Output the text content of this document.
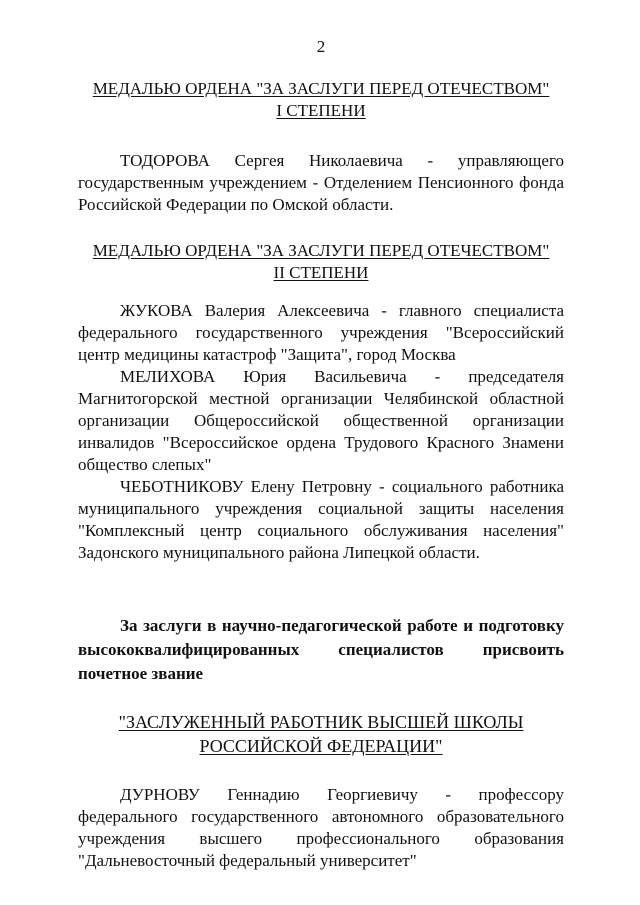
2

МЕДАЛЬЮ ОРДЕНА "ЗА ЗАСЛУГИ ПЕРЕД ОТЕЧЕСТВОМ"
I СТЕПЕНИ

ТОДОРОВА Сергея Николаевича - управляющего государственным учреждением - Отделением Пенсионного фонда Российской Федерации по Омской области.

МЕДАЛЬЮ ОРДЕНА "ЗА ЗАСЛУГИ ПЕРЕД ОТЕЧЕСТВОМ"
II СТЕПЕНИ

ЖУКОВА Валерия Алексеевича - главного специалиста федерального государственного учреждения "Всероссийский центр медицины катастроф "Защита", город Москва

МЕЛИХОВА Юрия Васильевича - председателя Магнитогорской местной организации Челябинской областной организации Общероссийской общественной организации инвалидов "Всероссийское ордена Трудового Красного Знамени общество слепых"

ЧЕБОТНИКОВУ Елену Петровну - социального работника муниципального учреждения социальной защиты населения "Комплексный центр социального обслуживания населения" Задонского муниципального района Липецкой области.

За заслуги в научно-педагогической работе и подготовку высококвалифицированных специалистов присвоить почетное звание

"ЗАСЛУЖЕННЫЙ РАБОТНИК ВЫСШЕЙ ШКОЛЫ
РОССИЙСКОЙ ФЕДЕРАЦИИ"

ДУРНОВУ Геннадию Георгиевичу - профессору федерального государственного автономного образовательного учреждения высшего профессионального образования "Дальневосточный федеральный университет"
